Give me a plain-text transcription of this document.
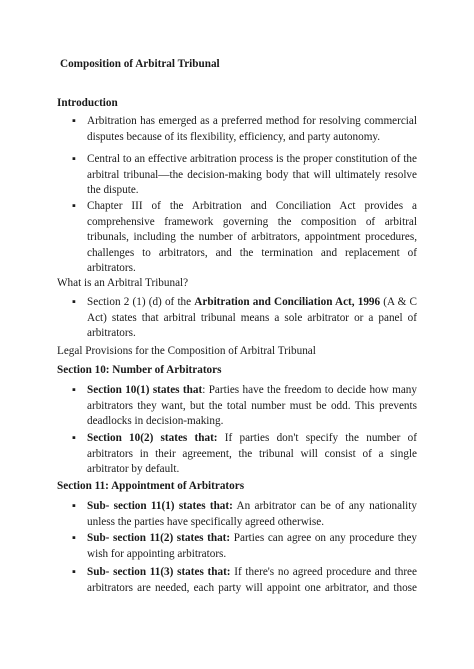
Composition of Arbitral Tribunal
Introduction
▪ Arbitration has emerged as a preferred method for resolving commercial disputes because of its flexibility, efficiency, and party autonomy.
▪ Central to an effective arbitration process is the proper constitution of the arbitral tribunal—the decision-making body that will ultimately resolve the dispute.
▪ Chapter III of the Arbitration and Conciliation Act provides a comprehensive framework governing the composition of arbitral tribunals, including the number of arbitrators, appointment procedures, challenges to arbitrators, and the termination and replacement of arbitrators.
What is an Arbitral Tribunal?
▪ Section 2 (1) (d) of the Arbitration and Conciliation Act, 1996 (A & C Act) states that arbitral tribunal means a sole arbitrator or a panel of arbitrators.
Legal Provisions for the Composition of Arbitral Tribunal
Section 10: Number of Arbitrators
▪ Section 10(1) states that: Parties have the freedom to decide how many arbitrators they want, but the total number must be odd. This prevents deadlocks in decision-making.
▪ Section 10(2) states that: If parties don't specify the number of arbitrators in their agreement, the tribunal will consist of a single arbitrator by default.
Section 11: Appointment of Arbitrators
▪ Sub- section 11(1) states that: An arbitrator can be of any nationality unless the parties have specifically agreed otherwise.
▪ Sub- section 11(2) states that: Parties can agree on any procedure they wish for appointing arbitrators.
▪ Sub- section 11(3) states that: If there's no agreed procedure and three arbitrators are needed, each party will appoint one arbitrator, and those
